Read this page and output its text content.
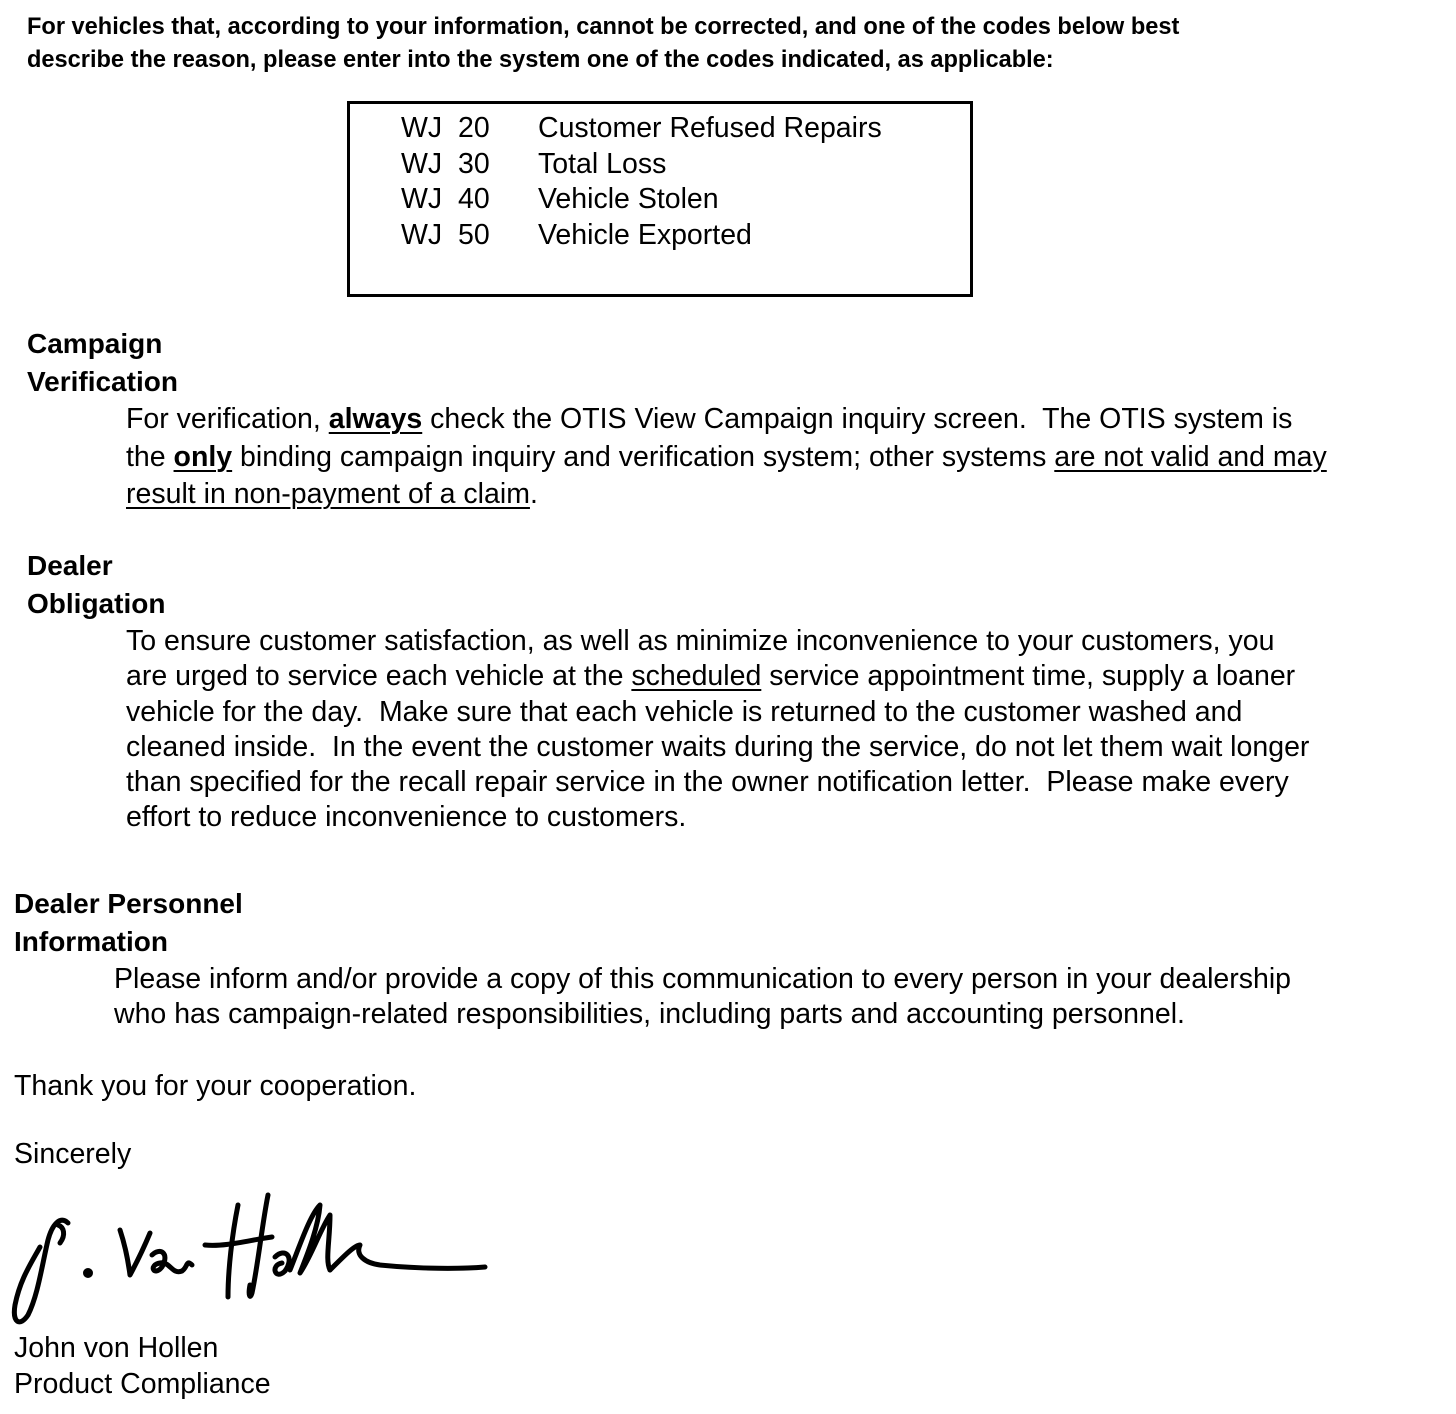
For vehicles that, according to your information, cannot be corrected, and one of the codes below best
describe the reason, please enter into the system one of the codes indicated, as applicable:
WJ  20 Customer Refused Repairs
WJ  30 Total Loss
WJ  40 Vehicle Stolen
WJ  50 Vehicle Exported
Campaign
Verification
For verification, always check the OTIS View Campaign inquiry screen.  The OTIS system is
the only binding campaign inquiry and verification system; other systems are not valid and may
result in non-payment of a claim.
Dealer
Obligation
To ensure customer satisfaction, as well as minimize inconvenience to your customers, you
are urged to service each vehicle at the scheduled service appointment time, supply a loaner
vehicle for the day.  Make sure that each vehicle is returned to the customer washed and
cleaned inside.  In the event the customer waits during the service, do not let them wait longer
than specified for the recall repair service in the owner notification letter.  Please make every
effort to reduce inconvenience to customers.
Dealer Personnel
Information
Please inform and/or provide a copy of this communication to every person in your dealership
who has campaign-related responsibilities, including parts and accounting personnel.
Thank you for your cooperation.
Sincerely
John von Hollen
Product Compliance
